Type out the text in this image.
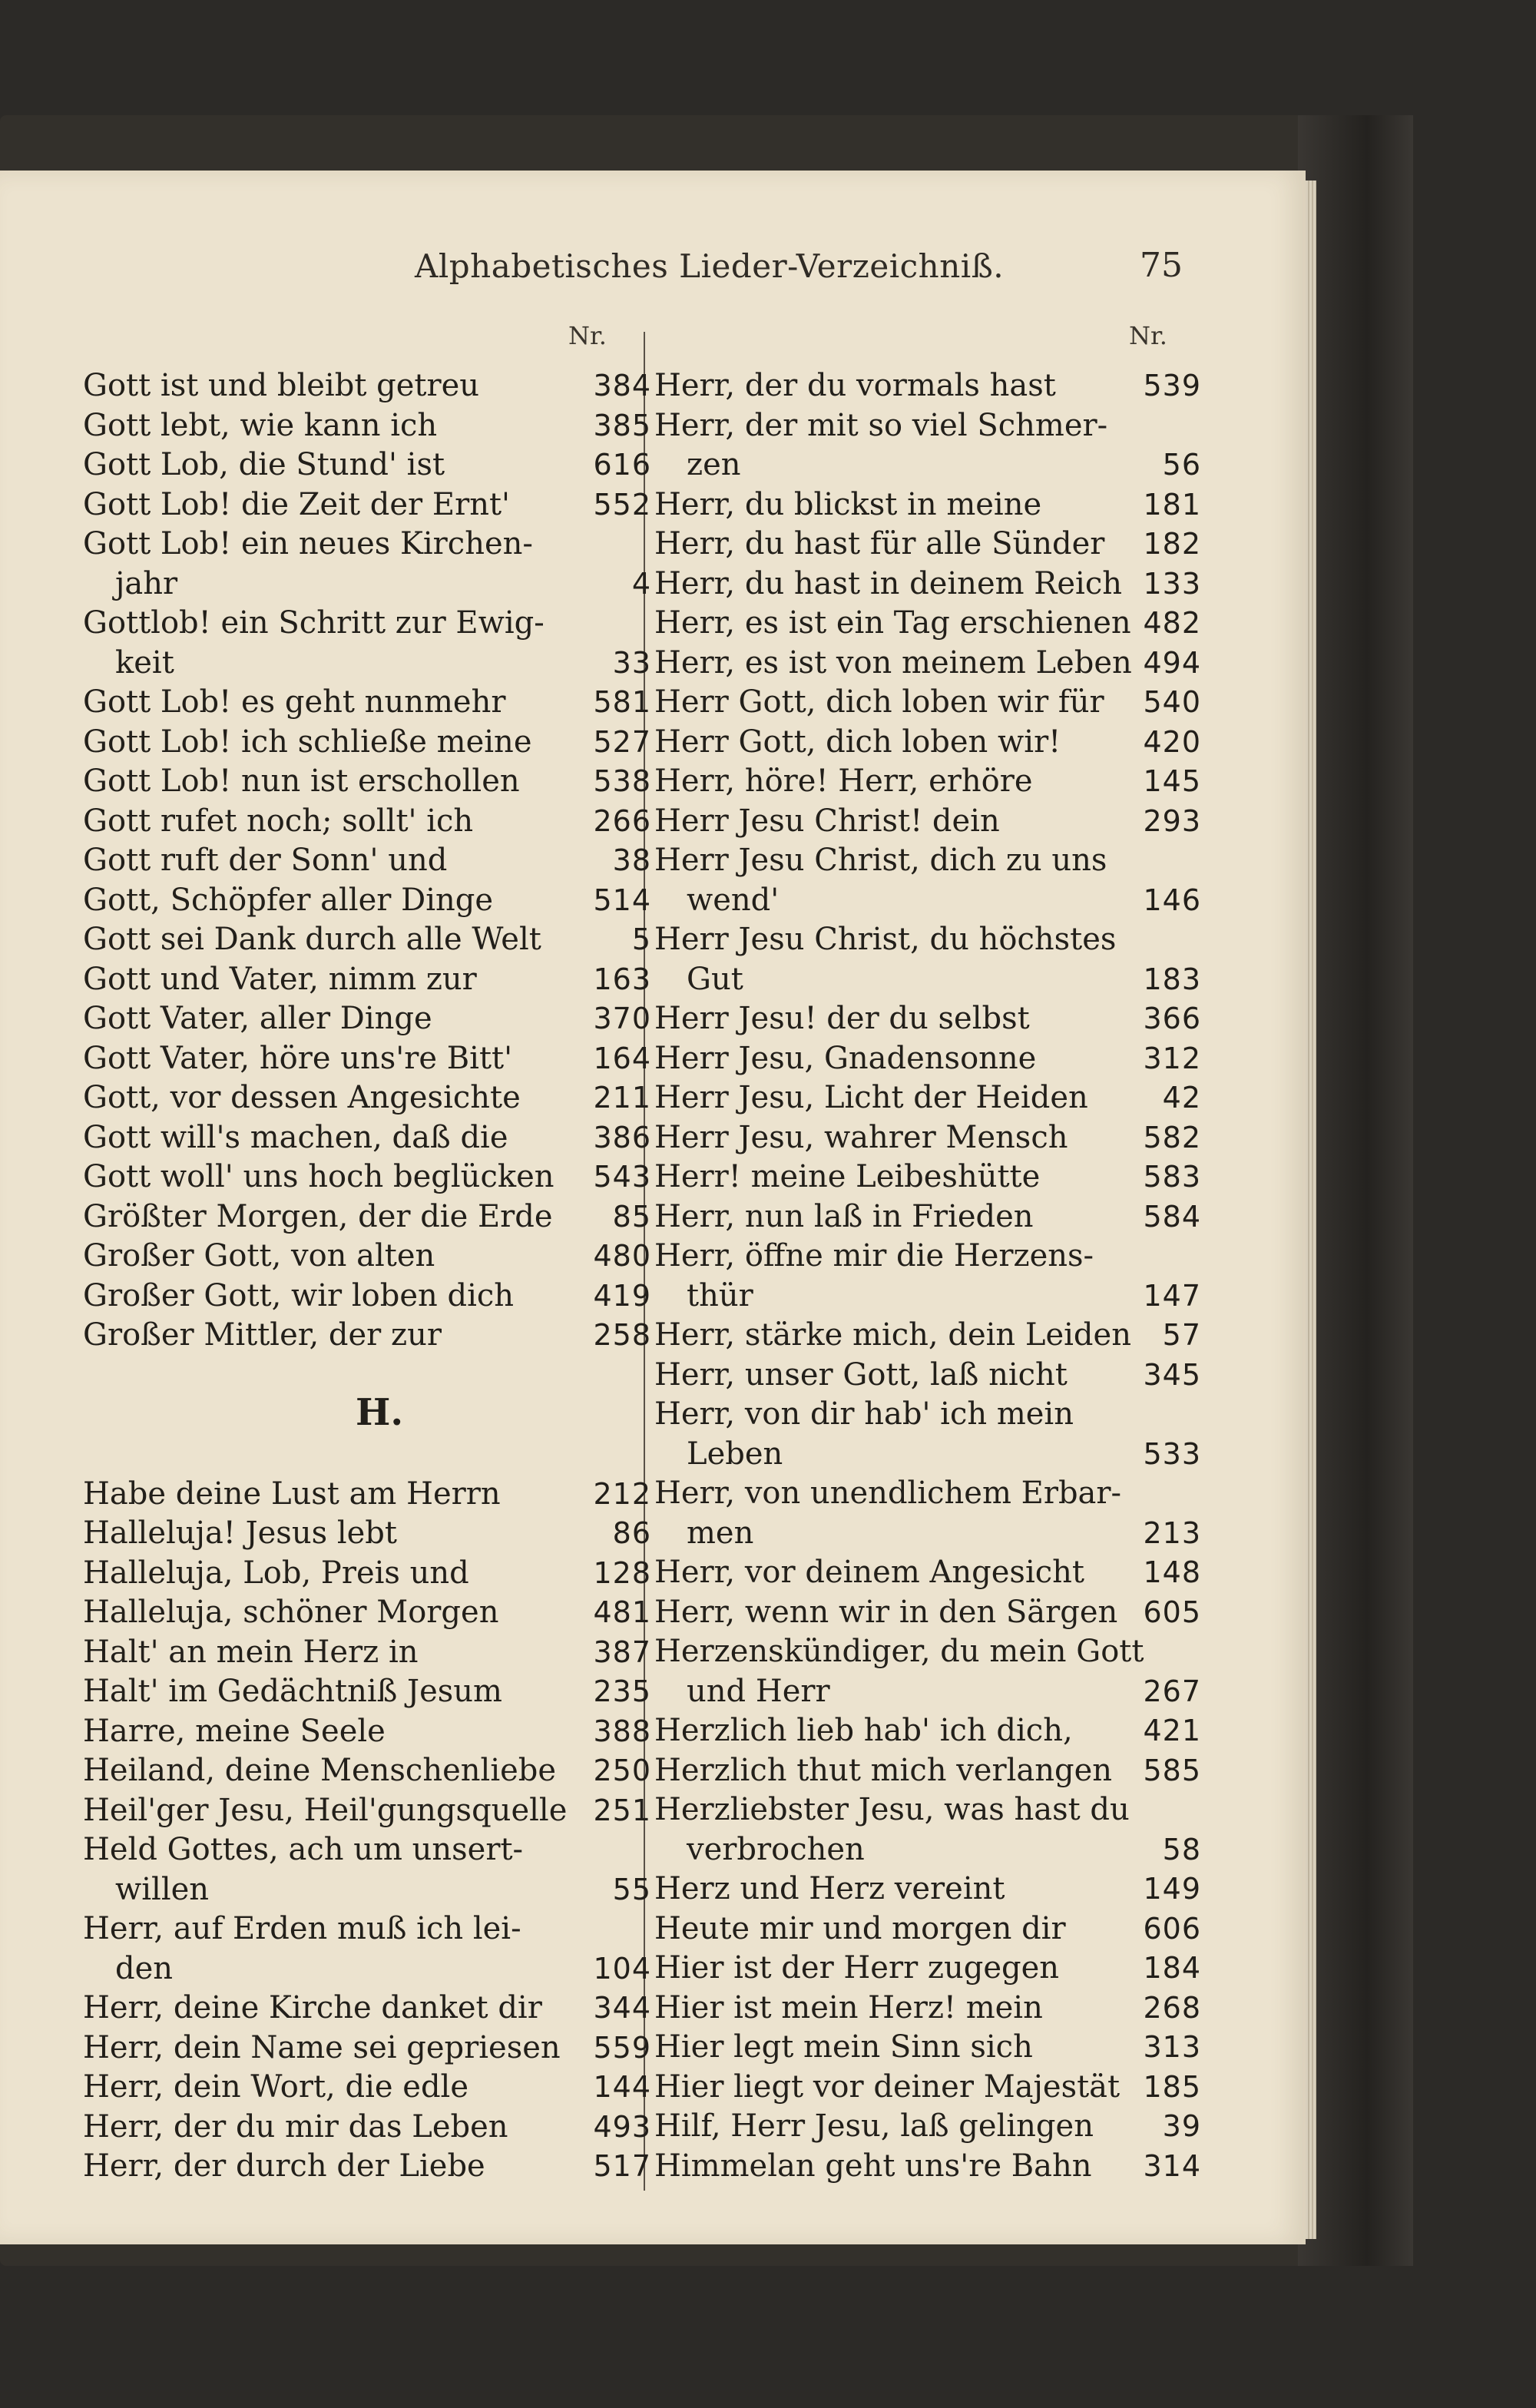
Alphabetisches Lieder-Verzeichniß.	75
Nr.	Nr.
Gott ist und bleibt getreu	384
Gott lebt, wie kann ich	385
Gott Lob, die Stund' ist	616
Gott Lob! die Zeit der Ernt'	552
Gott Lob! ein neues Kirchen-
jahr	4
Gottlob! ein Schritt zur Ewig-
keit	33
Gott Lob! es geht nunmehr	581
Gott Lob! ich schließe meine	527
Gott Lob! nun ist erschollen	538
Gott rufet noch; sollt' ich	266
Gott ruft der Sonn' und	38
Gott, Schöpfer aller Dinge	514
Gott sei Dank durch alle Welt	5
Gott und Vater, nimm zur	163
Gott Vater, aller Dinge	370
Gott Vater, höre uns're Bitt'	164
Gott, vor dessen Angesichte	211
Gott will's machen, daß die	386
Gott woll' uns hoch beglücken	543
Größter Morgen, der die Erde	85
Großer Gott, von alten	480
Großer Gott, wir loben dich	419
Großer Mittler, der zur	258
H.
Habe deine Lust am Herrn	212
Halleluja! Jesus lebt	86
Halleluja, Lob, Preis und	128
Halleluja, schöner Morgen	481
Halt' an mein Herz in	387
Halt' im Gedächtniß Jesum	235
Harre, meine Seele	388
Heiland, deine Menschenliebe	250
Heil'ger Jesu, Heil'gungsquelle 251
Held Gottes, ach um unsert-
willen	55
Herr, auf Erden muß ich lei-
den	104
Herr, deine Kirche danket dir	344
Herr, dein Name sei gepriesen	559
Herr, dein Wort, die edle	144
Herr, der du mir das Leben	493
Herr, der durch der Liebe	517
Herr, der du vormals hast	539
Herr, der mit so viel Schmer-
zen	56
Herr, du blickst in meine	181
Herr, du hast für alle Sünder	182
Herr, du hast in deinem Reich 133
Herr, es ist ein Tag erschienen 482
Herr, es ist von meinem Leben 494
Herr Gott, dich loben wir für	540
Herr Gott, dich loben wir!	420
Herr, höre! Herr, erhöre	145
Herr Jesu Christ! dein	293
Herr Jesu Christ, dich zu uns
wend'	146
Herr Jesu Christ, du höchstes
Gut	183
Herr Jesu! der du selbst	366
Herr Jesu, Gnadensonne	312
Herr Jesu, Licht der Heiden	42
Herr Jesu, wahrer Mensch	582
Herr! meine Leibeshütte	583
Herr, nun laß in Frieden	584
Herr, öffne mir die Herzens-
thür	147
Herr, stärke mich, dein Leiden	57
Herr, unser Gott, laß nicht	345
Herr, von dir hab' ich mein
Leben	533
Herr, von unendlichem Erbar-
men	213
Herr, vor deinem Angesicht	148
Herr, wenn wir in den Särgen 605
Herzenskündiger, du mein Gott
und Herr	267
Herzlich lieb hab' ich dich,	421
Herzlich thut mich verlangen	585
Herzliebster Jesu, was hast du
verbrochen	58
Herz und Herz vereint	149
Heute mir und morgen dir	606
Hier ist der Herr zugegen	184
Hier ist mein Herz! mein	268
Hier legt mein Sinn sich	313
Hier liegt vor deiner Majestät 185
Hilf, Herr Jesu, laß gelingen	39
Himmelan geht uns're Bahn	314
